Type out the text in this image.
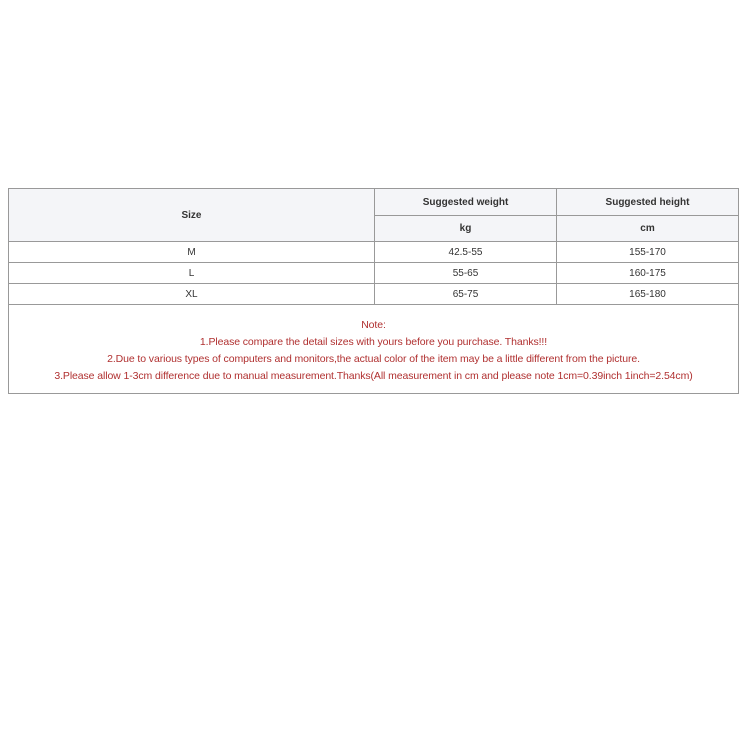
Size	Suggested weight	Suggested height
	kg	cm
M	42.5-55	155-170
L	55-65	160-175
XL	65-75	165-180

Note:
1.Please compare the detail sizes with yours before you purchase. Thanks!!!
2.Due to various types of computers and monitors,the actual color of the item may be a little different from the picture.
3.Please allow 1-3cm difference due to manual measurement.Thanks(All measurement in cm and please note 1cm=0.39inch 1inch=2.54cm)		
